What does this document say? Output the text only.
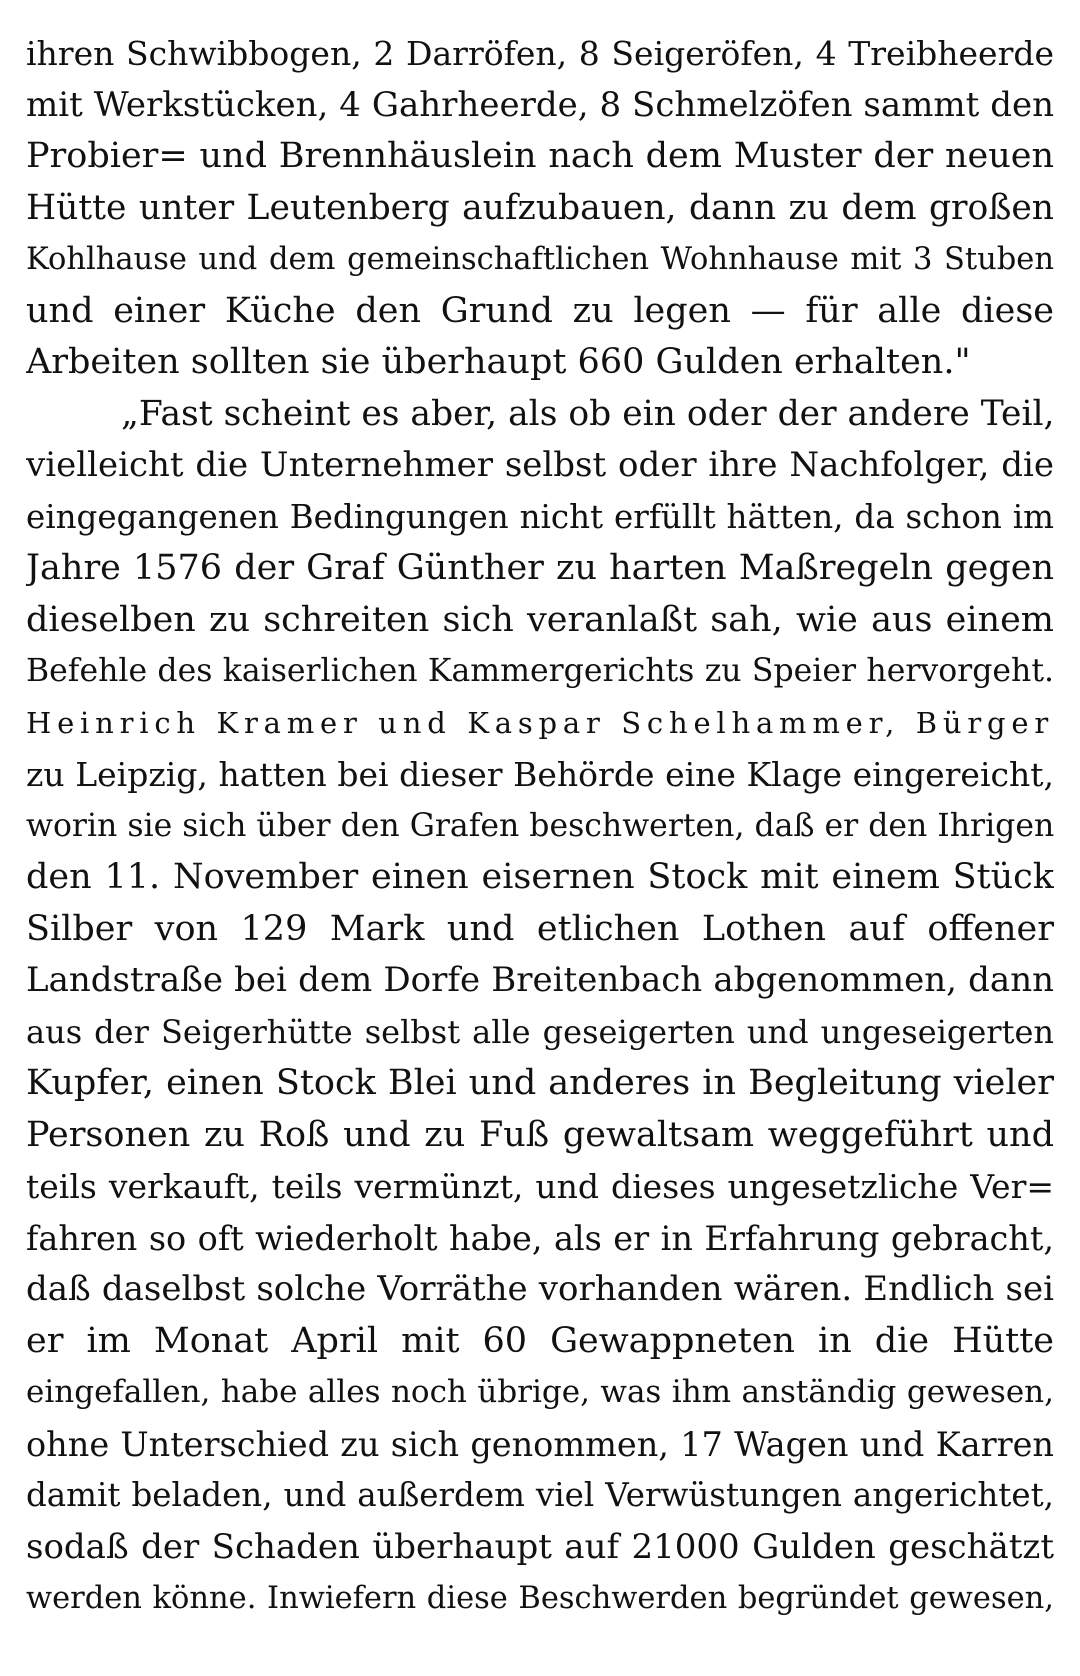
ihren Schwibbogen, 2 Darröfen, 8 Seigeröfen, 4 Treibheerde
mit Werkstücken, 4 Gahrheerde, 8 Schmelzöfen sammt den
Probier= und Brennhäuslein nach dem Muster der neuen
Hütte unter Leutenberg aufzubauen, dann zu dem großen
Kohlhause und dem gemeinschaftlichen Wohnhause mit 3 Stuben
und einer Küche den Grund zu legen — für alle diese
Arbeiten sollten sie überhaupt 660 Gulden erhalten."
„Fast scheint es aber, als ob ein oder der andere Teil,
vielleicht die Unternehmer selbst oder ihre Nachfolger, die
eingegangenen Bedingungen nicht erfüllt hätten, da schon im
Jahre 1576 der Graf Günther zu harten Maßregeln gegen
dieselben zu schreiten sich veranlaßt sah, wie aus einem
Befehle des kaiserlichen Kammergerichts zu Speier hervorgeht.
Heinrich Kramer und Kaspar Schelhammer, Bürger
zu Leipzig, hatten bei dieser Behörde eine Klage eingereicht,
worin sie sich über den Grafen beschwerten, daß er den Ihrigen
den 11. November einen eisernen Stock mit einem Stück
Silber von 129 Mark und etlichen Lothen auf offener
Landstraße bei dem Dorfe Breitenbach abgenommen, dann
aus der Seigerhütte selbst alle geseigerten und ungeseigerten
Kupfer, einen Stock Blei und anderes in Begleitung vieler
Personen zu Roß und zu Fuß gewaltsam weggeführt und
teils verkauft, teils vermünzt, und dieses ungesetzliche Ver=
fahren so oft wiederholt habe, als er in Erfahrung gebracht,
daß daselbst solche Vorräthe vorhanden wären. Endlich sei
er im Monat April mit 60 Gewappneten in die Hütte
eingefallen, habe alles noch übrige, was ihm anständig gewesen,
ohne Unterschied zu sich genommen, 17 Wagen und Karren
damit beladen, und außerdem viel Verwüstungen angerichtet,
sodaß der Schaden überhaupt auf 21000 Gulden geschätzt
werden könne. Inwiefern diese Beschwerden begründet gewesen,
